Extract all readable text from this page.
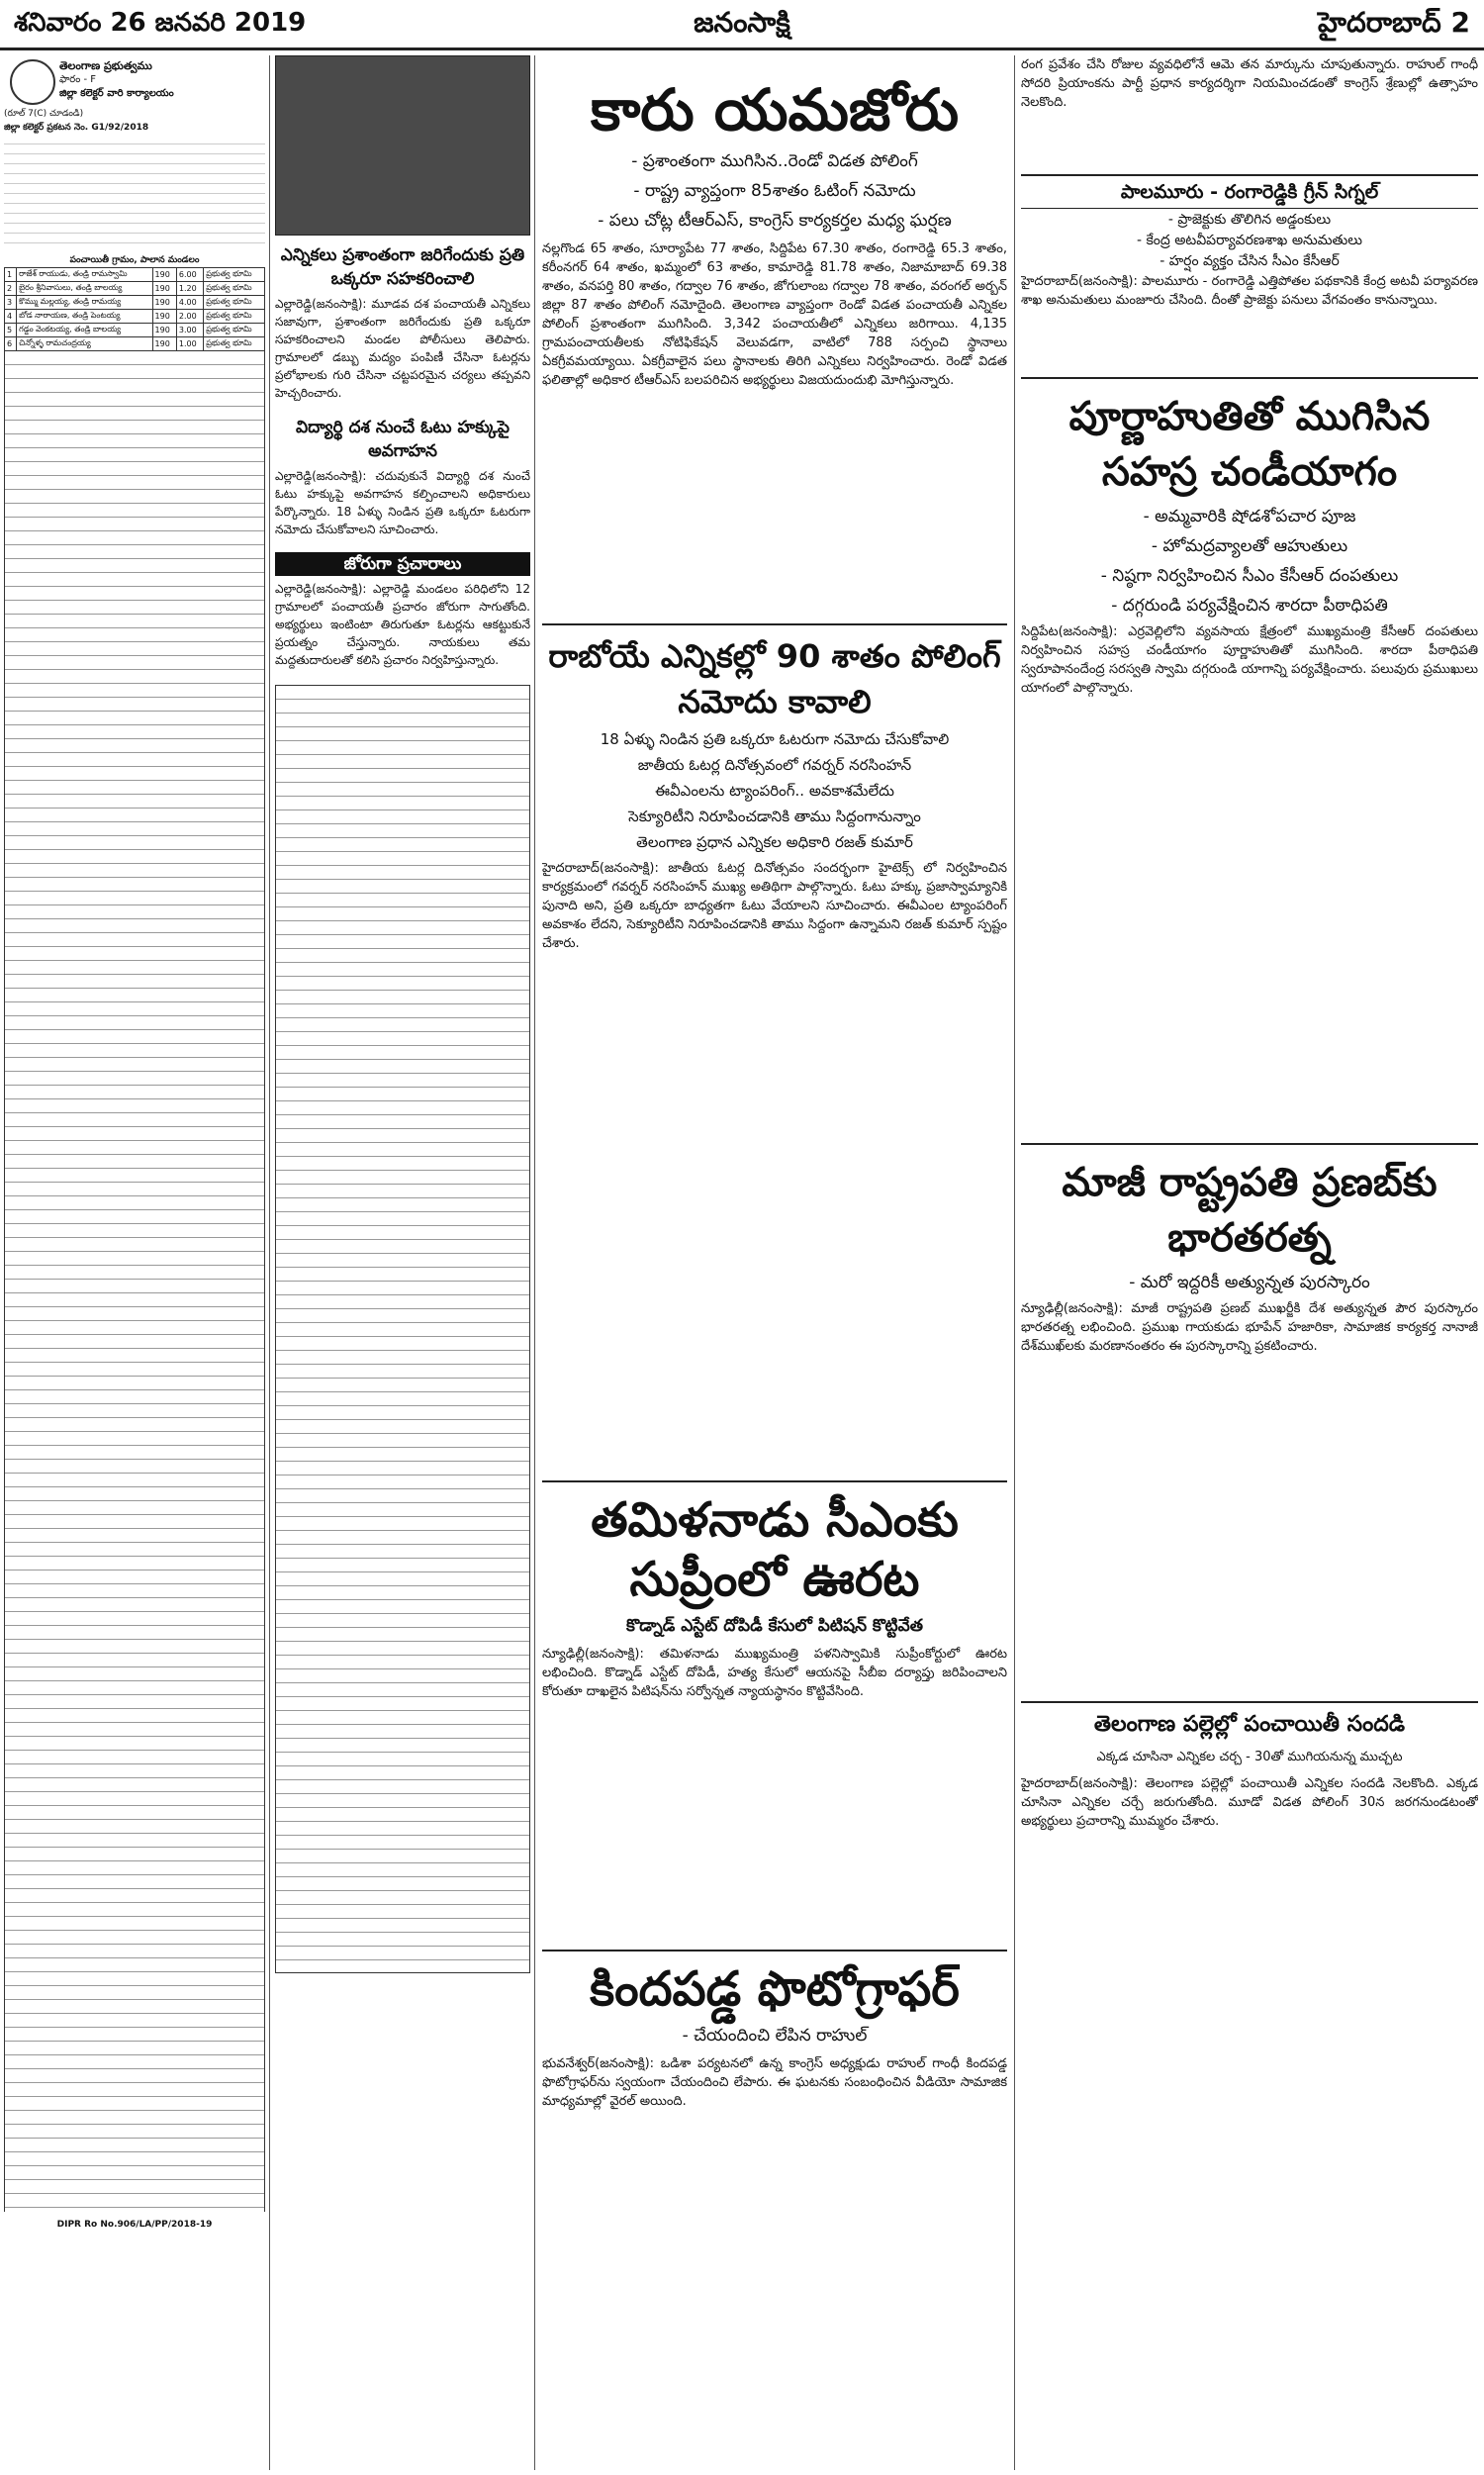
శనివారం 26 జనవరి 2019	జనంసాక్షి	హైదరాబాద్ 2
తెలంగాణ ప్రభుత్వము
ఫారం - F
జిల్లా కలెక్టర్ వారి కార్యాలయం
(రూల్ 7(C) చూడండి)
జిల్లా కలెక్టర్ ప్రకటన నెం. G1/92/2018
పంచాయితీ గ్రామం, పాలాన మండలం
1	రాజేశ్ రాయుడు, తండ్రి రామస్వామి	190	6.00	ప్రభుత్వ భూమి
2	బైరం శ్రీనివాసులు, తండ్రి బాలయ్య	190	1.20	ప్రభుత్వ భూమి
3	కొమ్ము మల్లయ్య, తండ్రి రామయ్య	190	4.00	ప్రభుత్వ భూమి
4	బోడ నారాయణ, తండ్రి పెంటయ్య	190	2.00	ప్రభుత్వ భూమి
5	గడ్డం వెంకటయ్య, తండ్రి బాలయ్య	190	3.00	ప్రభుత్వ భూమి
6	చిన్నోళ్ళ రామచంద్రయ్య	190	1.00	ప్రభుత్వ భూమి
DIPR Ro No.906/LA/PP/2018-19
ఎన్నికలు ప్రశాంతంగా జరిగేందుకు ప్రతి ఒక్కరూ సహకరించాలి
ఎల్లారెడ్డి(జనంసాక్షి): మూడవ దశ పంచాయతీ ఎన్నికలు సజావుగా, ప్రశాంతంగా జరిగేందుకు ప్రతి ఒక్కరూ సహకరించాలని మండల పోలీసులు తెలిపారు. గ్రామాలలో డబ్బు మద్యం పంపిణీ చేసినా ఓటర్లను ప్రలోభాలకు గురి చేసినా చట్టపరమైన చర్యలు తప్పవని హెచ్చరించారు.
విద్యార్థి దశ నుంచే ఓటు హక్కుపై అవగాహన
ఎల్లారెడ్డి(జనంసాక్షి): చదువుకునే విద్యార్థి దశ నుంచే ఓటు హక్కుపై అవగాహన కల్పించాలని అధికారులు పేర్కొన్నారు. 18 ఏళ్ళు నిండిన ప్రతి ఒక్కరూ ఓటరుగా నమోదు చేసుకోవాలని సూచించారు.
జోరుగా ప్రచారాలు
ఎల్లారెడ్డి(జనంసాక్షి): ఎల్లారెడ్డి మండలం పరిధిలోని 12 గ్రామాలలో పంచాయతీ ప్రచారం జోరుగా సాగుతోంది. అభ్యర్థులు ఇంటింటా తిరుగుతూ ఓటర్లను ఆకట్టుకునే ప్రయత్నం చేస్తున్నారు. నాయకులు తమ మద్దతుదారులతో కలిసి ప్రచారం నిర్వహిస్తున్నారు.
కారు యమజోరు
- ప్రశాంతంగా ముగిసిన..రెండో విడత పోలింగ్
- రాష్ట్ర వ్యాప్తంగా 85శాతం ఓటింగ్ నమోదు
- పలు చోట్ల టీఆర్ఎస్, కాంగ్రెస్ కార్యకర్తల మధ్య ఘర్షణ
నల్లగొండ 65 శాతం, సూర్యాపేట 77 శాతం, సిద్దిపేట 67.30 శాతం, రంగారెడ్డి 65.3 శాతం, కరీంనగర్ 64 శాతం, ఖమ్మంలో 63 శాతం, కామారెడ్డి 81.78 శాతం, నిజామాబాద్ 69.38 శాతం, వనపర్తి 80 శాతం, గద్వాల 76 శాతం, జోగులాంబ గద్వాల 78 శాతం, వరంగల్ అర్బన్ జిల్లా 87 శాతం పోలింగ్ నమోదైంది. తెలంగాణ వ్యాప్తంగా రెండో విడత పంచాయతీ ఎన్నికల పోలింగ్ ప్రశాంతంగా ముగిసింది. 3,342 పంచాయతీలో ఎన్నికలు జరిగాయి. 4,135 గ్రామపంచాయతీలకు నోటిఫికేషన్ వెలువడగా, వాటిలో 788 సర్పంచి స్థానాలు ఏకగ్రీవమయ్యాయి. ఏకగ్రీవాలైన పలు స్థానాలకు తిరిగి ఎన్నికలు నిర్వహించారు. రెండో విడత ఫలితాల్లో అధికార టీఆర్ఎస్ బలపరిచిన అభ్యర్థులు విజయదుందుభి మోగిస్తున్నారు.
రాబోయే ఎన్నికల్లో 90 శాతం పోలింగ్ నమోదు కావాలి
18 ఏళ్ళు నిండిన ప్రతి ఒక్కరూ ఓటరుగా నమోదు చేసుకోవాలి
జాతీయ ఓటర్ల దినోత్సవంలో గవర్నర్ నరసింహన్
ఈవీఎంలను ట్యాంపరింగ్.. అవకాశమేలేదు
సెక్యూరిటీని నిరూపించడానికి తాము సిద్దంగానున్నాం
తెలంగాణ ప్రధాన ఎన్నికల అధికారి రజత్ కుమార్
హైదరాబాద్(జనంసాక్షి): జాతీయ ఓటర్ల దినోత్సవం సందర్భంగా హైటెక్స్ లో నిర్వహించిన కార్యక్రమంలో గవర్నర్ నరసింహన్ ముఖ్య అతిథిగా పాల్గొన్నారు. ఓటు హక్కు ప్రజాస్వామ్యానికి పునాది అని, ప్రతి ఒక్కరూ బాధ్యతగా ఓటు వేయాలని సూచించారు. ఈవీఎంల ట్యాంపరింగ్ అవకాశం లేదని, సెక్యూరిటీని నిరూపించడానికి తాము సిద్దంగా ఉన్నామని రజత్ కుమార్ స్పష్టం చేశారు.
తమిళనాడు సీఎంకు సుప్రీంలో ఊరట
కొడ్నాడ్ ఎస్టేట్ దోపిడీ కేసులో పిటిషన్ కొట్టివేత
న్యూఢిల్లీ(జనంసాక్షి): తమిళనాడు ముఖ్యమంత్రి పళనిస్వామికి సుప్రీంకోర్టులో ఊరట లభించింది. కొడ్నాడ్ ఎస్టేట్ దోపిడీ, హత్య కేసులో ఆయనపై సీబీఐ దర్యాప్తు జరిపించాలని కోరుతూ దాఖలైన పిటిషన్‌ను సర్వోన్నత న్యాయస్థానం కొట్టివేసింది.
కిందపడ్డ ఫొటోగ్రాఫర్
- చేయందించి లేపిన రాహుల్
భువనేశ్వర్(జనంసాక్షి): ఒడిశా పర్యటనలో ఉన్న కాంగ్రెస్ అధ్యక్షుడు రాహుల్ గాంధీ కిందపడ్డ ఫొటోగ్రాఫర్‌ను స్వయంగా చేయందించి లేపారు. ఈ ఘటనకు సంబంధించిన వీడియో సామాజిక మాధ్యమాల్లో వైరల్ అయింది.
రంగ ప్రవేశం చేసి రోజుల వ్యవధిలోనే ఆమె తన మార్కును చూపుతున్నారు. రాహుల్ గాంధీ సోదరి ప్రియాంకను పార్టీ ప్రధాన కార్యదర్శిగా నియమించడంతో కాంగ్రెస్ శ్రేణుల్లో ఉత్సాహం నెలకొంది.
పాలమూరు - రంగారెడ్డికి గ్రీన్ సిగ్నల్
- ప్రాజెక్టుకు తొలిగిన అడ్డంకులు
- కేంద్ర అటవీపర్యావరణశాఖ అనుమతులు
- హర్షం వ్యక్తం చేసిన సీఎం కేసీఆర్
హైదరాబాద్(జనంసాక్షి): పాలమూరు - రంగారెడ్డి ఎత్తిపోతల పథకానికి కేంద్ర అటవీ పర్యావరణ శాఖ అనుమతులు మంజూరు చేసింది. దీంతో ప్రాజెక్టు పనులు వేగవంతం కానున్నాయి.
పూర్ణాహుతితో ముగిసిన సహస్ర చండీయాగం
- అమ్మవారికి షోడశోపచార పూజ
- హోమద్రవ్యాలతో ఆహుతులు
- నిష్ఠగా నిర్వహించిన సీఎం కేసీఆర్ దంపతులు
- దగ్గరుండి పర్యవేక్షించిన శారదా పీఠాధిపతి
సిద్దిపేట(జనంసాక్షి): ఎర్రవెల్లిలోని వ్యవసాయ క్షేత్రంలో ముఖ్యమంత్రి కేసీఆర్ దంపతులు నిర్వహించిన సహస్ర చండీయాగం పూర్ణాహుతితో ముగిసింది. శారదా పీఠాధిపతి స్వరూపానందేంద్ర సరస్వతి స్వామి దగ్గరుండి యాగాన్ని పర్యవేక్షించారు. పలువురు ప్రముఖులు యాగంలో పాల్గొన్నారు.
మాజీ రాష్ట్రపతి ప్రణబ్‌కు భారతరత్న
- మరో ఇద్దరికీ అత్యున్నత పురస్కారం
న్యూఢిల్లీ(జనంసాక్షి): మాజీ రాష్ట్రపతి ప్రణబ్ ముఖర్జీకి దేశ అత్యున్నత పౌర పురస్కారం భారతరత్న లభించింది. ప్రముఖ గాయకుడు భూపేన్ హజారికా, సామాజిక కార్యకర్త నానాజీ దేశ్‌ముఖ్‌లకు మరణానంతరం ఈ పురస్కారాన్ని ప్రకటించారు.
తెలంగాణ పల్లెల్లో పంచాయితీ సందడి
ఎక్కడ చూసినా ఎన్నికల చర్చ - 30తో ముగియనున్న ముచ్చట
హైదరాబాద్(జనంసాక్షి): తెలంగాణ పల్లెల్లో పంచాయితీ ఎన్నికల సందడి నెలకొంది. ఎక్కడ చూసినా ఎన్నికల చర్చే జరుగుతోంది. మూడో విడత పోలింగ్ 30న జరగనుండటంతో అభ్యర్థులు ప్రచారాన్ని ముమ్మరం చేశారు.
